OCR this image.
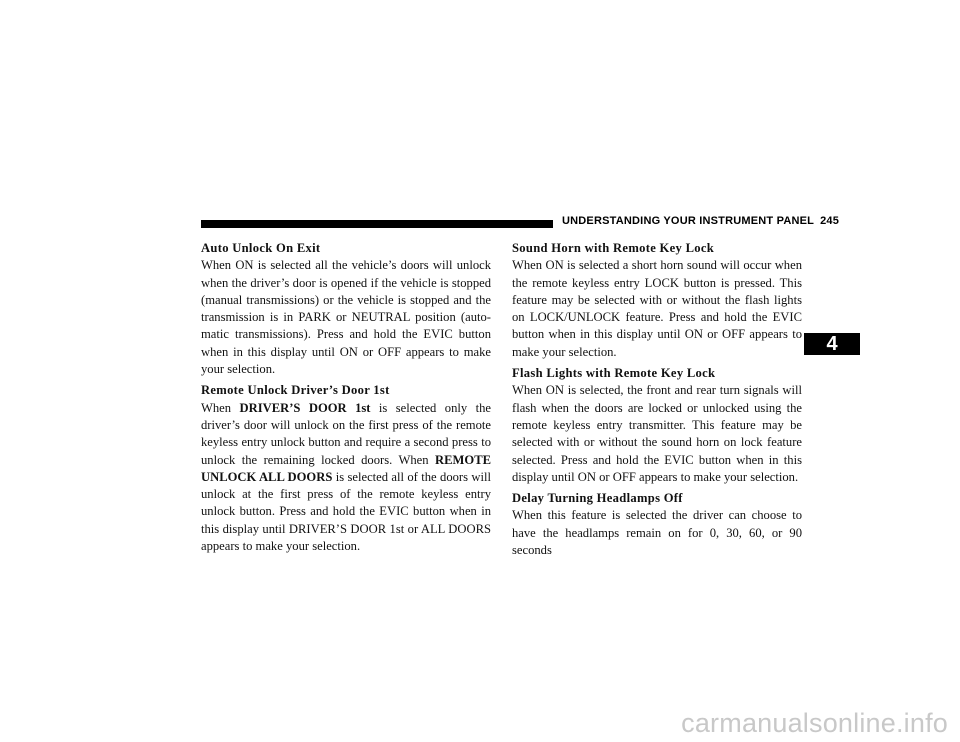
UNDERSTANDING YOUR INSTRUMENT PANEL 245
4
Auto Unlock On Exit
When ON is selected all the vehicle’s doors will unlock when the driver’s door is opened if the vehicle is stopped (manual transmissions) or the vehicle is stopped and the transmission is in PARK or NEUTRAL position (auto-matic transmissions). Press and hold the EVIC button when in this display until ON or OFF appears to make your selection.
Remote Unlock Driver’s Door 1st
When DRIVER’S DOOR 1st is selected only the driver’s door will unlock on the first press of the remote keyless entry unlock button and require a second press to unlock the remaining locked doors. When REMOTE UNLOCK ALL DOORS is selected all of the doors will unlock at the first press of the remote keyless entry unlock button. Press and hold the EVIC button when in this display until DRIVER’S DOOR 1st or ALL DOORS appears to make your selection.
Sound Horn with Remote Key Lock
When ON is selected a short horn sound will occur when the remote keyless entry LOCK button is pressed. This feature may be selected with or without the flash lights on LOCK/UNLOCK feature. Press and hold the EVIC button when in this display until ON or OFF appears to make your selection.
Flash Lights with Remote Key Lock
When ON is selected, the front and rear turn signals will flash when the doors are locked or unlocked using the remote keyless entry transmitter. This feature may be selected with or without the sound horn on lock feature selected. Press and hold the EVIC button when in this display until ON or OFF appears to make your selection.
Delay Turning Headlamps Off
When this feature is selected the driver can choose to have the headlamps remain on for 0, 30, 60, or 90 seconds
carmanualsonline.info
